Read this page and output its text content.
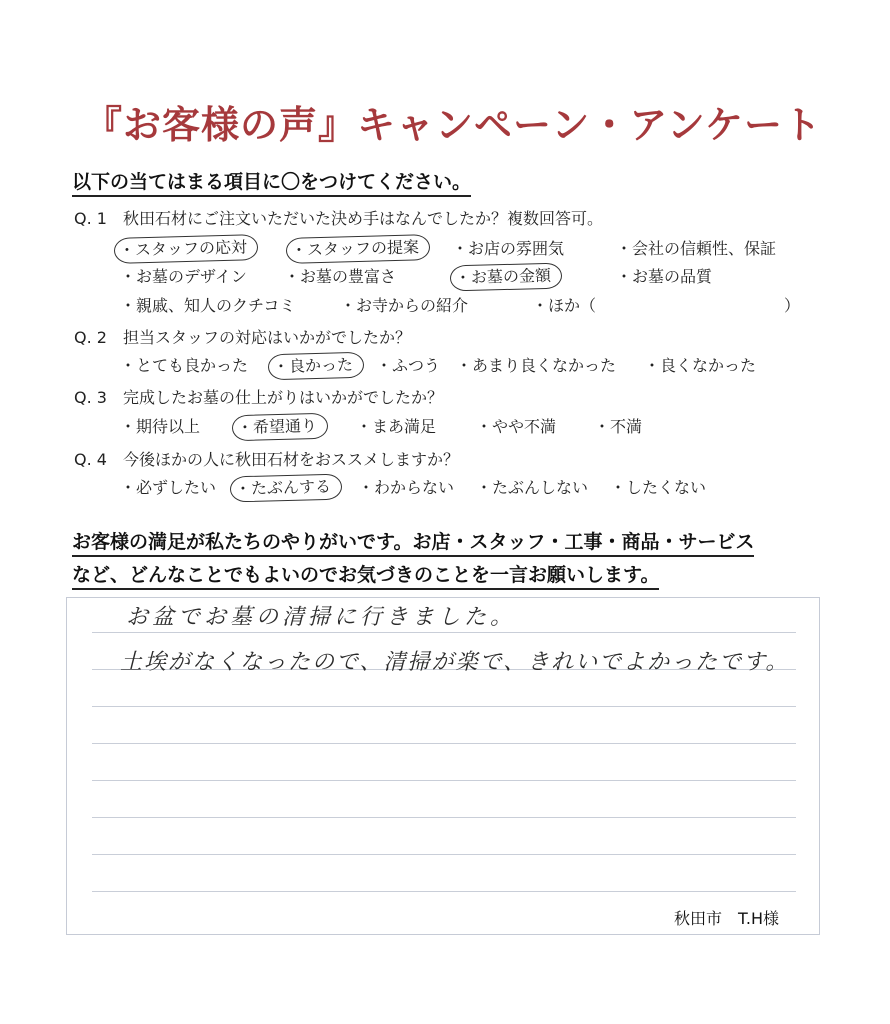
『お客様の声』キャンペーン・アンケート
以下の当てはまる項目に〇をつけてください。
Q. 1　秋田石材にご注文いただいた決め手はなんでしたか？複数回答可。
・スタッフの応対	・スタッフの提案	・お店の雰囲気	・会社の信頼性、保証
・お墓のデザイン ・お墓の豊富さ	・お墓の金額	・お墓の品質
・親戚、知人のクチコミ	・お寺からの紹介	・ほか（	）
Q. 2　担当スタッフの対応はいかがでしたか？
・とても良かった	・良かった	・ふつう ・あまり良くなかった ・良くなかった
Q. 3　完成したお墓の仕上がりはいかがでしたか？
・期待以上	・希望通り	・まあ満足 ・やや不満 ・不満
Q. 4　今後ほかの人に秋田石材をおススメしますか？
・必ずしたい	・たぶんする	・わからない ・たぶんしない ・したくない
お客様の満足が私たちのやりがいです。お店・スタッフ・工事・商品・サービス
など、どんなことでもよいのでお気づきのことを一言お願いします。
お盆でお墓の清掃に行きました。
土埃がなくなったので、清掃が楽で、きれいでよかったです。
秋田市　T.H様
